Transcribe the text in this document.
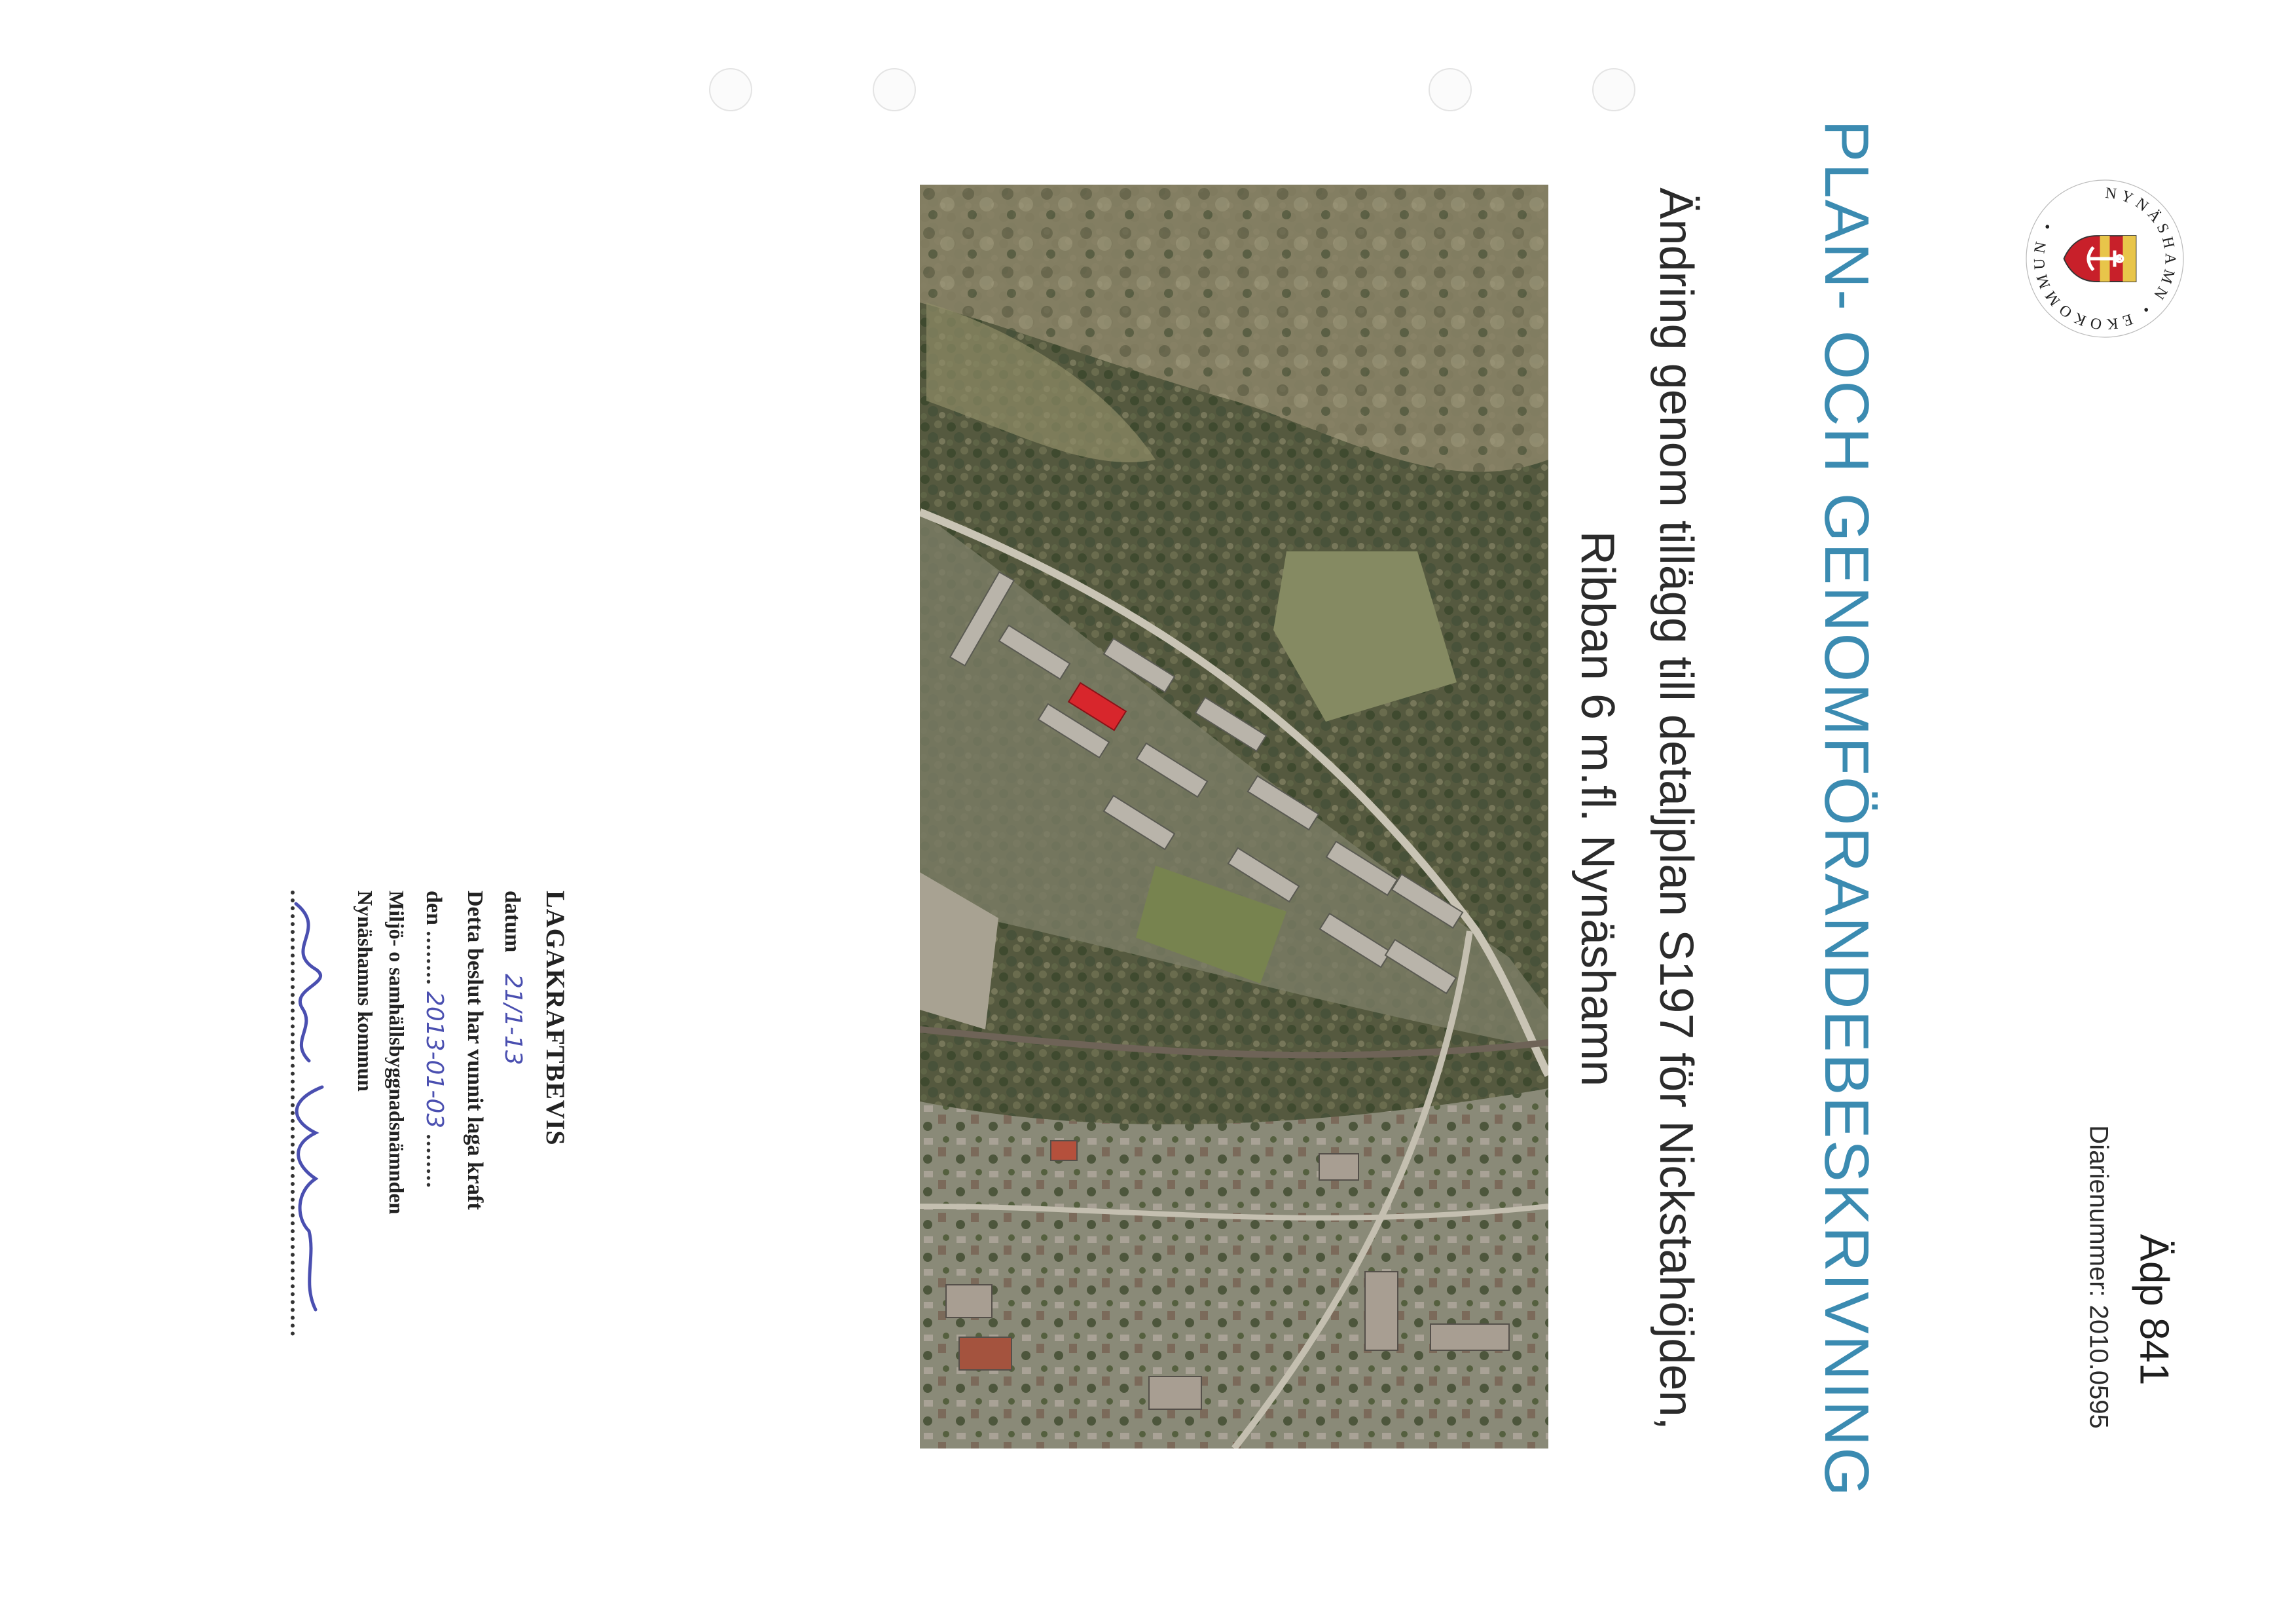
NYNÄSHAMN • EKOKOMMUN •
Ädp 841
Diarienummer:2010.0595
PLAN- OCH GENOMFÖRANDEBESKRIVNING
Ändring genom tillägg till detaljplan S197 för Nickstahöjden,
Ribban 6 m.fl. Nynäshamn
LAGAKRAFTBEVIS
datum 21/1-13
Detta beslut har vunnit laga kraft
den ........ 2013-01-03 ........
Miljö- o samhällsbyggnadsnämnden
Nynäshamns kommun
